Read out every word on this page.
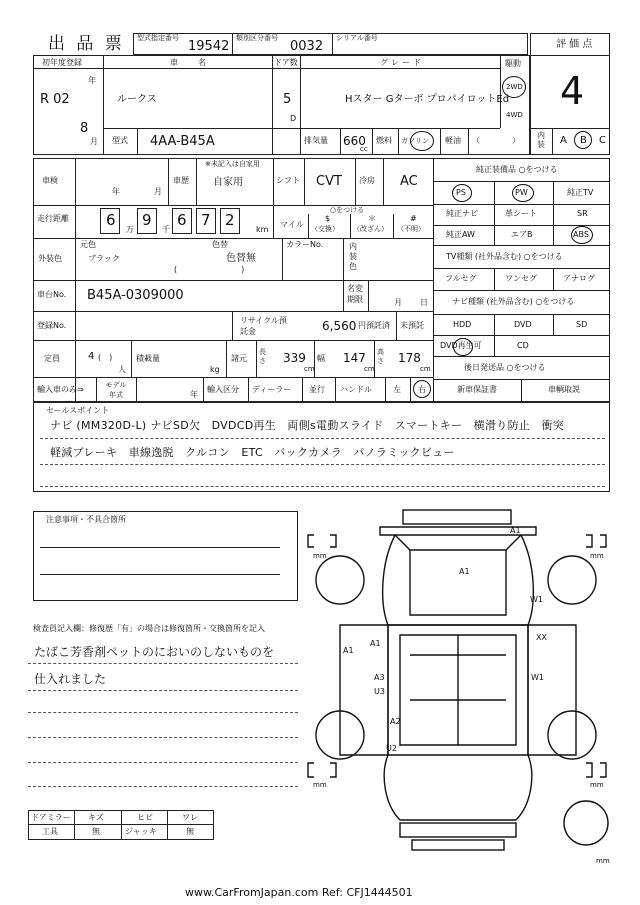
出 品 票 型式指定番号
19542
類別区分番号
0032
シリアル番号
評 価 点
4
内装 A B C
初年度登録
年
R 02
8
月
車　名
ルークス
ドア数
5
D
グレード
Hスター Gターボ プロパイロットEd
駆動
2WD
4WD
型式 4AA-B45A	排気量 660
cc
燃料 ガソリン 軽油 （　　　　）
車検
年	月
車歴
※未記入は自家用
自家用	シフト CVT 冷房 AC
走行距離 6
万
9
千
6 7 2
km
○をつける
マイル
$
（交換）
＊
（改ざん）
#
（不明）
外装色
元色
ブラック
色替
色替無
(　　　　　　　　)
カラーNo.	内装色
車台No. B45A-0309000	名変期限	月 日
登録No.
リサイクル預託金	6,560 円預託済 未預託
定員	4 (　)
人
積載量
kg
諸元
長さ 339
cm
幅 147
cm
高さ 178
cm
輸入車のみ⇒	モデル年式	年
輸入区分 ディーラー 並行 ハンドル	左 右
純正装備品 ○をつける
PS	PW	純正TV
純正ナビ	革シート	SR
純正AW	エアB	ABS
TV種類 (社外品含む) ○をつける
フルセグ	ワンセグ	アナログ
ナビ種類 (社外品含む) ○をつける
HDD	DVD	SD
DVD再生可	CD
後日発送品 ○をつける
新車保証書	車輌取説
セールスポイント
ナビ (MM320D-L) ナビSD欠　DVDCD再生　両側s電動スライド　スマートキー　横滑り防止　衝突
軽減ブレーキ　車線逸脱　クルコン　ETC　バックカメラ　パノラミックビュー
注意事項・不具合箇所
検査員記入欄：修復歴「有」の場合は修復箇所・交換箇所を記入
たばこ芳香剤ペットのにおいのしないものを
仕入れました
ドアミラー キズ	ヒビ	ワレ
工具	無	ジャッキ	無
A1
A1
W1
A1
A1
XX
A3
U3
W1
A2
U2
mm	mm
mm	mm
mm
www.CarFromJapan.com Ref: CFJ1444501
